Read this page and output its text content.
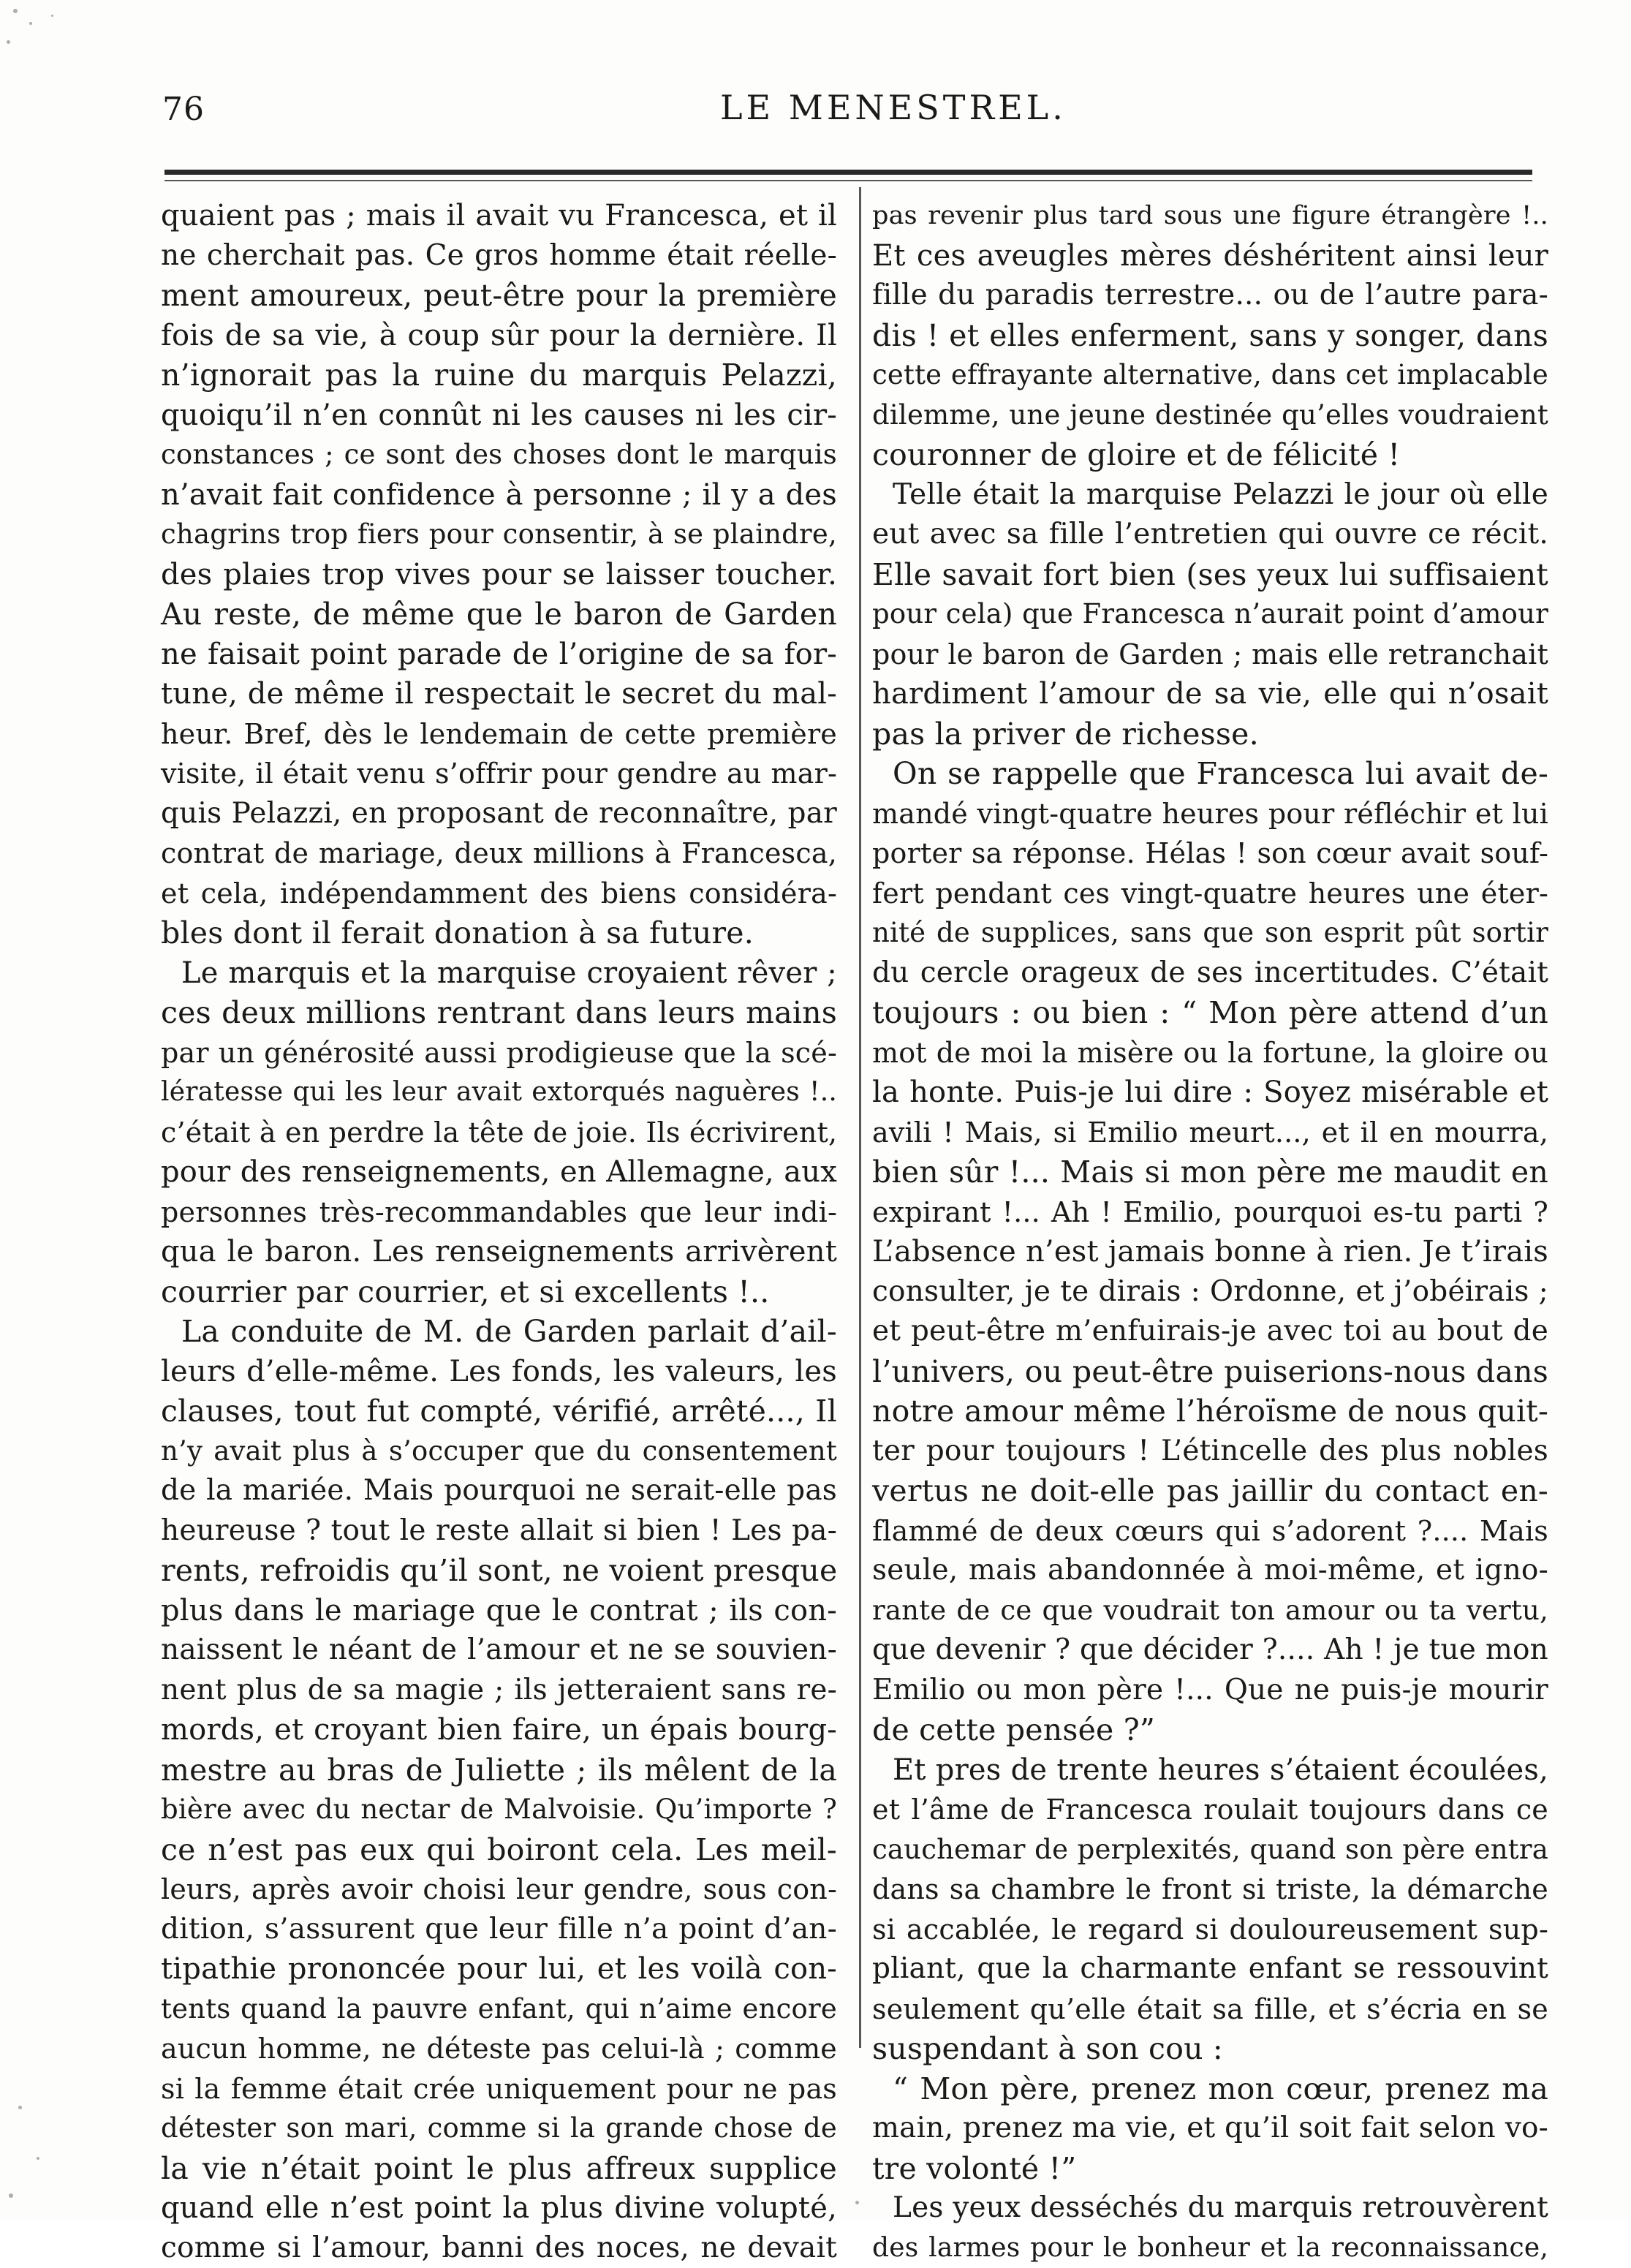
76	LE MENESTREL.
quaient pas ; mais il avait vu Francesca, et il
ne cherchait pas. Ce gros homme était réelle-
ment amoureux, peut-être pour la première
fois de sa vie, à coup sûr pour la dernière. Il
n’ignorait pas la ruine du marquis Pelazzi,
quoiqu’il n’en connût ni les causes ni les cir-
constances ; ce sont des choses dont le marquis
n’avait fait confidence à personne ; il y a des
chagrins trop fiers pour consentir, à se plaindre,
des plaies trop vives pour se laisser toucher.
Au reste, de même que le baron de Garden
ne faisait point parade de l’origine de sa for-
tune, de même il respectait le secret du mal-
heur. Bref, dès le lendemain de cette première
visite, il était venu s’offrir pour gendre au mar-
quis Pelazzi, en proposant de reconnaître, par
contrat de mariage, deux millions à Francesca,
et cela, indépendamment des biens considéra-
bles dont il ferait donation à sa future.
Le marquis et la marquise croyaient rêver ;
ces deux millions rentrant dans leurs mains
par un générosité aussi prodigieuse que la scé-
lératesse qui les leur avait extorqués naguères !..
c’était à en perdre la tête de joie. Ils écrivirent,
pour des renseignements, en Allemagne, aux
personnes très-recommandables que leur indi-
qua le baron. Les renseignements arrivèrent
courrier par courrier, et si excellents !..
La conduite de M. de Garden parlait d’ail-
leurs d’elle-même. Les fonds, les valeurs, les
clauses, tout fut compté, vérifié, arrêté..., Il
n’y avait plus à s’occuper que du consentement
de la mariée. Mais pourquoi ne serait-elle pas
heureuse ? tout le reste allait si bien ! Les pa-
rents, refroidis qu’il sont, ne voient presque
plus dans le mariage que le contrat ; ils con-
naissent le néant de l’amour et ne se souvien-
nent plus de sa magie ; ils jetteraient sans re-
mords, et croyant bien faire, un épais bourg-
mestre au bras de Juliette ; ils mêlent de la
bière avec du nectar de Malvoisie. Qu’importe ?
ce n’est pas eux qui boiront cela. Les meil-
leurs, après avoir choisi leur gendre, sous con-
dition, s’assurent que leur fille n’a point d’an-
tipathie prononcée pour lui, et les voilà con-
tents quand la pauvre enfant, qui n’aime encore
aucun homme, ne déteste pas celui-là ; comme
si la femme était crée uniquement pour ne pas
détester son mari, comme si la grande chose de
la vie n’était point le plus affreux supplice
quand elle n’est point la plus divine volupté,
comme si l’amour, banni des noces, ne devait
pas revenir plus tard sous une figure étrangère !..
Et ces aveugles mères déshéritent ainsi leur
fille du paradis terrestre... ou de l’autre para-
dis ! et elles enferment, sans y songer, dans
cette effrayante alternative, dans cet implacable
dilemme, une jeune destinée qu’elles voudraient
couronner de gloire et de félicité !
Telle était la marquise Pelazzi le jour où elle
eut avec sa fille l’entretien qui ouvre ce récit.
Elle savait fort bien (ses yeux lui suffisaient
pour cela) que Francesca n’aurait point d’amour
pour le baron de Garden ; mais elle retranchait
hardiment l’amour de sa vie, elle qui n’osait
pas la priver de richesse.
On se rappelle que Francesca lui avait de-
mandé vingt-quatre heures pour réfléchir et lui
porter sa réponse. Hélas ! son cœur avait souf-
fert pendant ces vingt-quatre heures une éter-
nité de supplices, sans que son esprit pût sortir
du cercle orageux de ses incertitudes. C’était
toujours : ou bien : “ Mon père attend d’un
mot de moi la misère ou la fortune, la gloire ou
la honte. Puis-je lui dire : Soyez misérable et
avili ! Mais, si Emilio meurt..., et il en mourra,
bien sûr !... Mais si mon père me maudit en
expirant !... Ah ! Emilio, pourquoi es-tu parti ?
L’absence n’est jamais bonne à rien. Je t’irais
consulter, je te dirais : Ordonne, et j’obéirais ;
et peut-être m’enfuirais-je avec toi au bout de
l’univers, ou peut-être puiserions-nous dans
notre amour même l’héroïsme de nous quit-
ter pour toujours ! L’étincelle des plus nobles
vertus ne doit-elle pas jaillir du contact en-
flammé de deux cœurs qui s’adorent ?.... Mais
seule, mais abandonnée à moi-même, et igno-
rante de ce que voudrait ton amour ou ta vertu,
que devenir ? que décider ?.... Ah ! je tue mon
Emilio ou mon père !... Que ne puis-je mourir
de cette pensée ?”
Et pres de trente heures s’étaient écoulées,
et l’âme de Francesca roulait toujours dans ce
cauchemar de perplexités, quand son père entra
dans sa chambre le front si triste, la démarche
si accablée, le regard si douloureusement sup-
pliant, que la charmante enfant se ressouvint
seulement qu’elle était sa fille, et s’écria en se
suspendant à son cou :
“ Mon père, prenez mon cœur, prenez ma
main, prenez ma vie, et qu’il soit fait selon vo-
tre volonté !”
Les yeux desséchés du marquis retrouvèrent
des larmes pour le bonheur et la reconnaissance,
